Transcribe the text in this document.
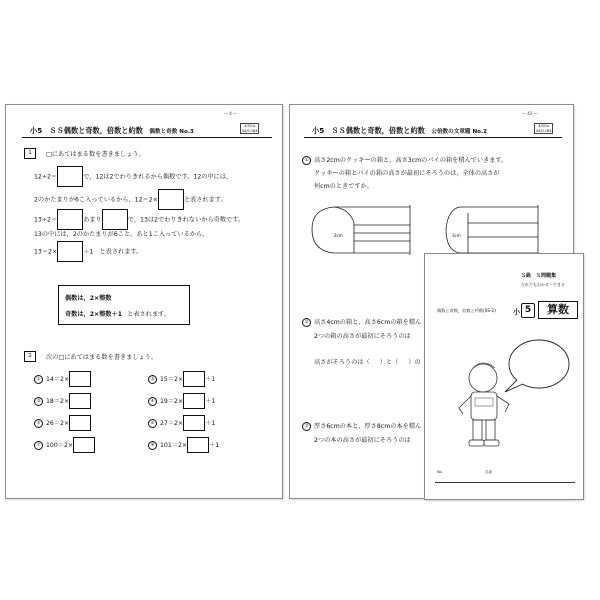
— 4 —
4/5/1a
04/0-1B4
小5　ＳＳ偶数と奇数，倍数と約数 偶数と奇数 No.3
1	□にあてはまる数を書きましょう。
12÷2＝	で，12は2でわりきれるから偶数です。12の中には，
2のかたまりが6こ入っているから，12＝2×	と表されます。
13÷2＝	あまり	で，13は2でわりきれないから奇数です。
13の中には，2のかたまりが6こと，あと1こ入っているから，
13＝2×	＋1　と表されます。
偶数は，2×整数
奇数は，2×整数＋1 と表されます。
2	次の□にあてはまる数を書きましょう。
① 14＝2×	② 15＝2×	＋1
③ 18＝2×	④ 19＝2×	＋1
⑤ 26＝2×	⑥ 27＝2×	＋1
⑦ 100＝2×	⑧ 101＝2×	＋1
— 42 —
4/5/1a
04/0-1B4
小5　ＳＳ偶数と奇数，倍数と約数 公倍数の文章題 No.2
① 高さ2cmのクッキーの箱と，高さ3cmのパイの箱を積んでいきます。
クッキーの箱とパイの箱の高さが最初にそろうのは，全体の高さが
何cmのときですか。
2cm	3cm
② 高さ4cmの箱と，高さ6cmの箱を積ん
2つの箱の高さが最初にそろうのは
高さがそろうのは（ ）と（ ）の
③ 厚さ6cmの本と，厚さ8cmの本を積ん
2つの本の高さが最初にそろうのは
Ｓ級　Ｓ問題集
だれでもわかる・できる
偶数と奇数，倍数と約数(SS-2) 小 5	算数
No.	名前
